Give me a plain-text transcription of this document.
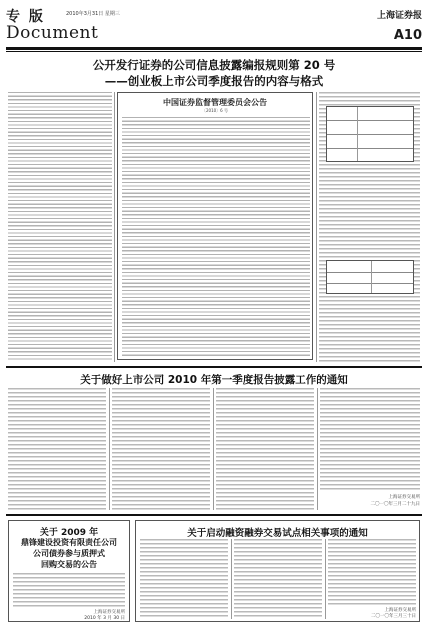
专 版	2010年3月31日 星期三
Document
上海证券报
A10
公开发行证券的公司信息披露编报规则第 20 号
——创业板上市公司季度报告的内容与格式
中国证券监督管理委员会公告
〔2010〕6 号
关于做好上市公司 2010 年第一季度报告披露工作的通知
上海证券交易所
二〇一〇年三月二十九日
关于 2009 年
鼎锋建设投资有限责任公司
公司债券参与质押式
回购交易的公告
上海证券交易所
2010 年 3 月 30 日
关于启动融资融券交易试点相关事项的通知
上海证券交易所
二〇一〇年三月三十日
